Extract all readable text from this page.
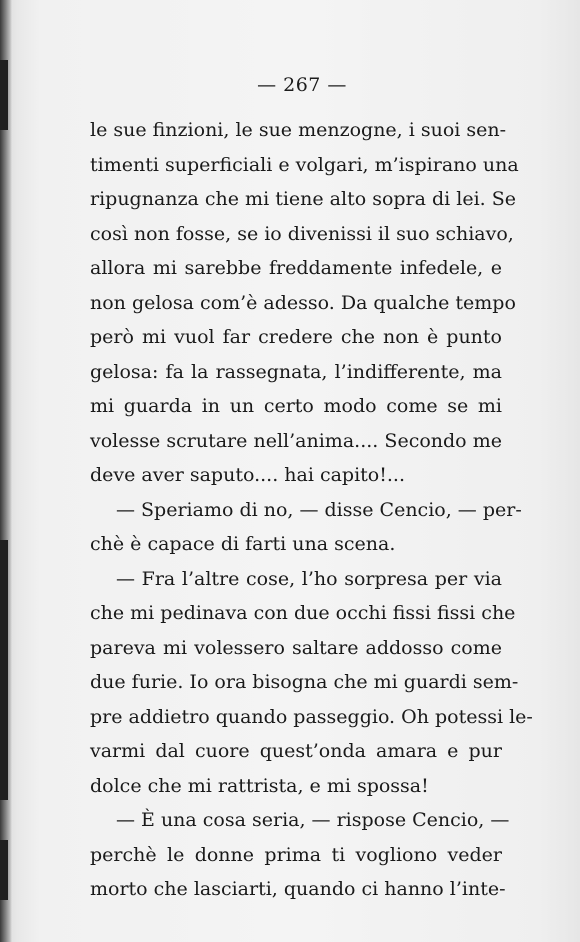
— 267 —
le sue finzioni, le sue menzogne, i suoi sen-
timenti superficiali e volgari, m’ispirano una
ripugnanza che mi tiene alto sopra di lei. Se
così non fosse, se io divenissi il suo schiavo,
allora mi sarebbe freddamente infedele, e
non gelosa com’è adesso. Da qualche tempo
però mi vuol far credere che non è punto
gelosa: fa la rassegnata, l’indifferente, ma
mi guarda in un certo modo come se mi
volesse scrutare nell’anima.... Secondo me
deve aver saputo.... hai capito!...
— Speriamo di no, — disse Cencio, — per-
chè è capace di farti una scena.
— Fra l’altre cose, l’ho sorpresa per via
che mi pedinava con due occhi fissi fissi che
pareva mi volessero saltare addosso come
due furie. Io ora bisogna che mi guardi sem-
pre addietro quando passeggio. Oh potessi le-
varmi dal cuore quest’onda amara e pur
dolce che mi rattrista, e mi spossa!
— È una cosa seria, — rispose Cencio, —
perchè le donne prima ti vogliono veder
morto che lasciarti, quando ci hanno l’inte-
